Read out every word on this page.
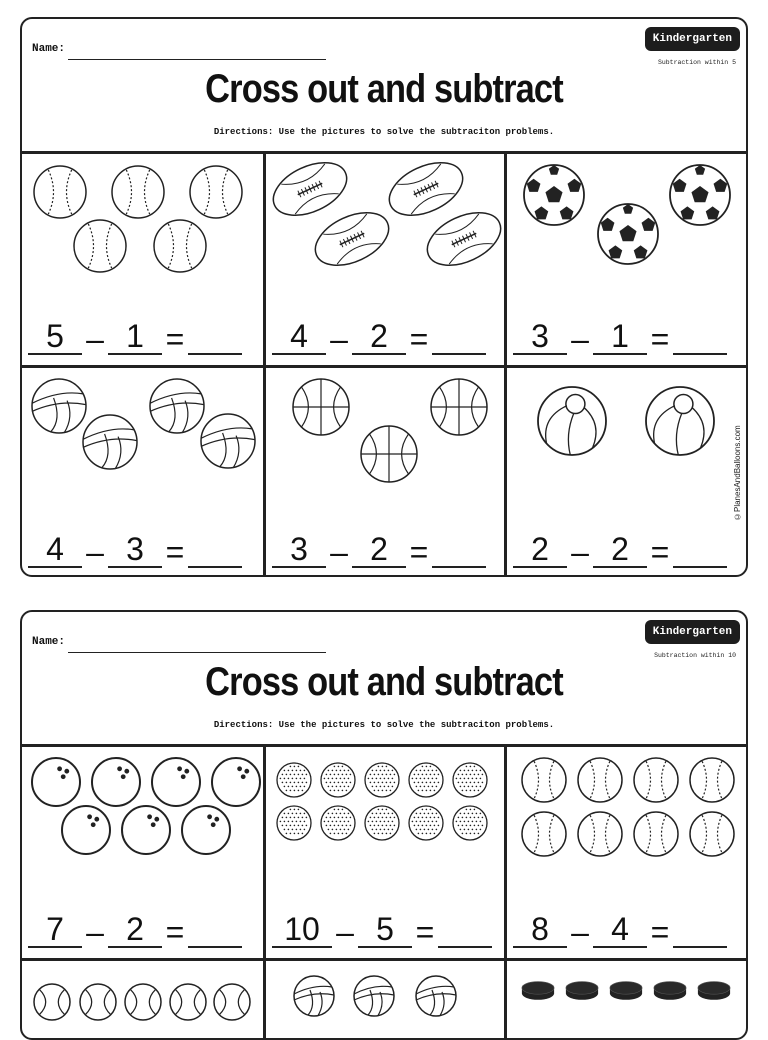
Name:
Kindergarten
Subtraction within 5
Cross out and subtract
Directions: Use the pictures to solve the subtraciton problems.
5 – 1 =	4 – 2 =	3 – 1 =
4 – 3 =	3 – 2 =	2 – 2 =
©PlanesAndBalloons.com
Name:
Kindergarten
Subtraction within 10
Cross out and subtract
Directions: Use the pictures to solve the subtraciton problems.
7 – 2 =	10 – 5 =	8 – 4 =
